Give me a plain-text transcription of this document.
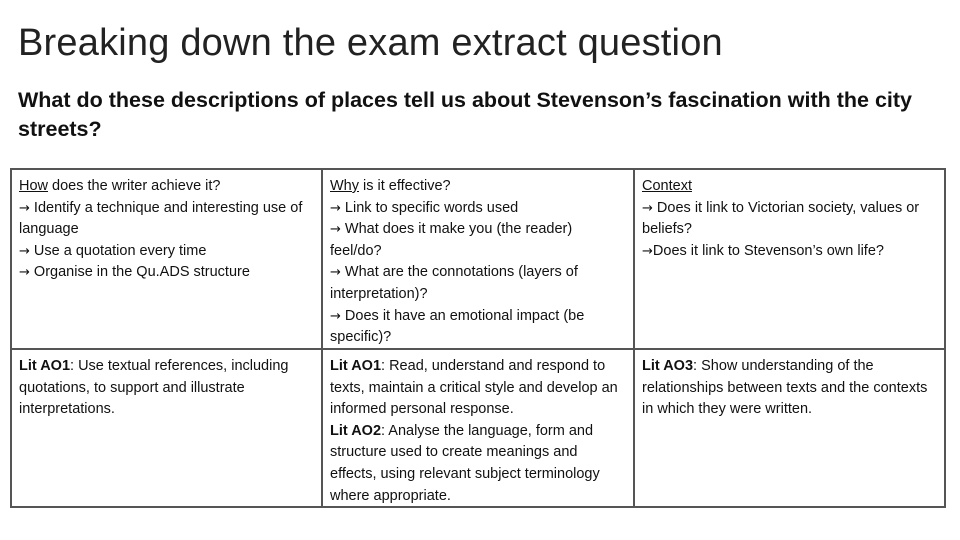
Breaking down the exam extract question
What do these descriptions of places tell us about Stevenson’s fascination with the city streets?
How does the writer achieve it?
→ Identify a technique and interesting use of language
→ Use a quotation every time
→ Organise in the Qu.ADS structure
Why is it effective?
→ Link to specific words used
→ What does it make you (the reader) feel/do?
→ What are the connotations (layers of interpretation)?
→ Does it have an emotional impact (be specific)?
Context
→ Does it link to Victorian society, values or beliefs?
→Does it link to Stevenson’s own life?
Lit AO1: Use textual references, including quotations, to support and illustrate interpretations.
Lit AO1: Read, understand and respond to texts, maintain a critical style and develop an informed personal response.
Lit AO2: Analyse the language, form and structure used to create meanings and effects, using relevant subject terminology where appropriate.
Lit AO3: Show understanding of the relationships between texts and the contexts in which they were written.
